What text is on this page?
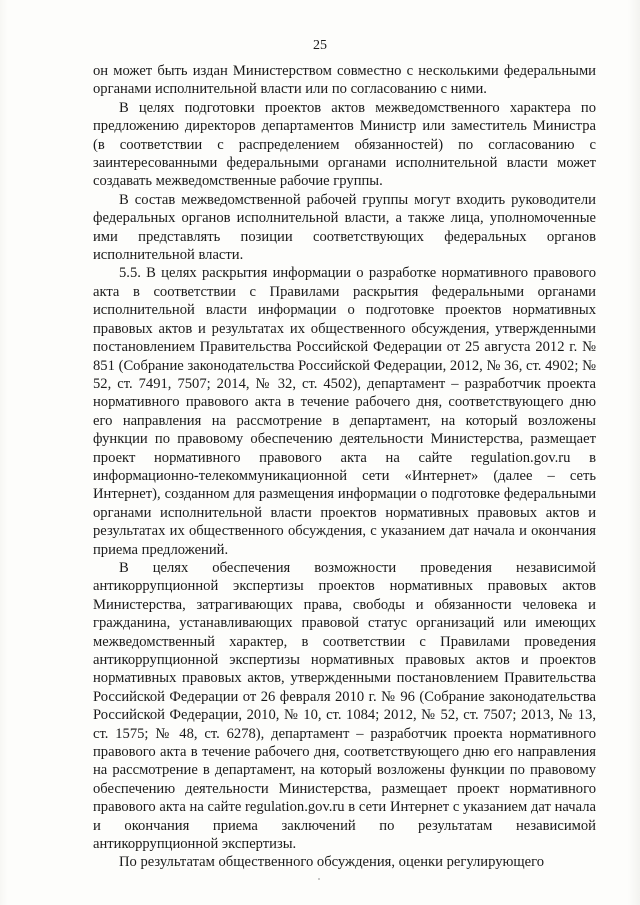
25

он может быть издан Министерством совместно с несколькими федеральными органами исполнительной власти или по согласованию с ними.

В целях подготовки проектов актов межведомственного характера по предложению директоров департаментов Министр или заместитель Министра (в соответствии с распределением обязанностей) по согласованию с заинтересованными федеральными органами исполнительной власти может создавать межведомственные рабочие группы.

В состав межведомственной рабочей группы могут входить руководители федеральных органов исполнительной власти, а также лица, уполномоченные ими представлять позиции соответствующих федеральных органов исполнительной власти.

5.5. В целях раскрытия информации о разработке нормативного правового акта в соответствии с Правилами раскрытия федеральными органами исполнительной власти информации о подготовке проектов нормативных правовых актов и результатах их общественного обсуждения, утвержденными постановлением Правительства Российской Федерации от 25 августа 2012 г. № 851 (Собрание законодательства Российской Федерации, 2012, № 36, ст. 4902; № 52, ст. 7491, 7507; 2014, № 32, ст. 4502), департамент – разработчик проекта нормативного правового акта в течение рабочего дня, соответствующего дню его направления на рассмотрение в департамент, на который возложены функции по правовому обеспечению деятельности Министерства, размещает проект нормативного правового акта на сайте regulation.gov.ru в информационно-телекоммуникационной сети «Интернет» (далее – сеть Интернет), созданном для размещения информации о подготовке федеральными органами исполнительной власти проектов нормативных правовых актов и результатах их общественного обсуждения, с указанием дат начала и окончания приема предложений.

В целях обеспечения возможности проведения независимой антикоррупционной экспертизы проектов нормативных правовых актов Министерства, затрагивающих права, свободы и обязанности человека и гражданина, устанавливающих правовой статус организаций или имеющих межведомственный характер, в соответствии с Правилами проведения антикоррупционной экспертизы нормативных правовых актов и проектов нормативных правовых актов, утвержденными постановлением Правительства Российской Федерации от 26 февраля 2010 г. № 96 (Собрание законодательства Российской Федерации, 2010, № 10, ст. 1084; 2012, № 52, ст. 7507; 2013, № 13, ст. 1575; № 48, ст. 6278), департамент – разработчик проекта нормативного правового акта в течение рабочего дня, соответствующего дню его направления на рассмотрение в департамент, на который возложены функции по правовому обеспечению деятельности Министерства, размещает проект нормативного правового акта на сайте regulation.gov.ru в сети Интернет с указанием дат начала и окончания приема заключений по результатам независимой антикоррупционной экспертизы.

По результатам общественного обсуждения, оценки регулирующего
